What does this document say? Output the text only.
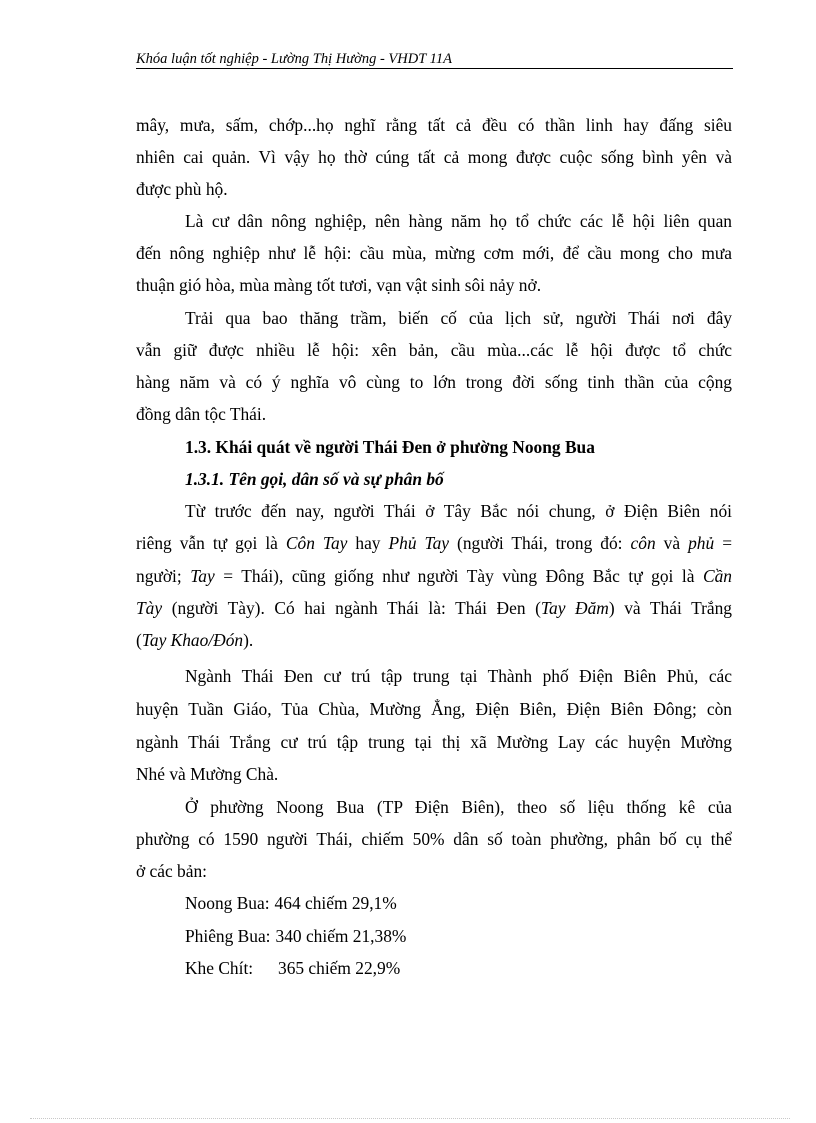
Khóa luận tốt nghiệp - Lường Thị Hường - VHDT 11A
mây, mưa, sấm, chớp...họ nghĩ rằng tất cả đều có thần linh hay đấng siêu
nhiên cai quản. Vì vậy họ thờ cúng tất cả mong được cuộc sống bình yên và
được phù hộ.
Là cư dân nông nghiệp, nên hàng năm họ tổ chức các lễ hội liên quan
đến nông nghiệp như lễ hội: cầu mùa, mừng cơm mới, để cầu mong cho mưa
thuận gió hòa, mùa màng tốt tươi, vạn vật sinh sôi nảy nở.
Trải qua bao thăng trầm, biến cố của lịch sử, người Thái nơi đây
vẫn giữ được nhiều lễ hội: xên bản, cầu mùa...các lễ hội được tổ chức
hàng năm và có ý nghĩa vô cùng to lớn trong đời sống tinh thần của cộng
đồng dân tộc Thái.
1.3. Khái quát về người Thái Đen ở phường Noong Bua
1.3.1. Tên gọi, dân số và sự phân bố
Từ trước đến nay, người Thái ở Tây Bắc nói chung, ở Điện Biên nói
riêng vẫn tự gọi là Côn Tay hay Phủ Tay (người Thái, trong đó: côn và phủ =
người; Tay = Thái), cũng giống như người Tày vùng Đông Bắc tự gọi là Cần
Tày (người Tày). Có hai ngành Thái là: Thái Đen (Tay Đăm) và Thái Trắng
(Tay Khao/Đón).
Ngành Thái Đen cư trú tập trung tại Thành phố Điện Biên Phủ, các
huyện Tuần Giáo, Tủa Chùa, Mường Ẳng, Điện Biên, Điện Biên Đông; còn
ngành Thái Trắng cư trú tập trung tại thị xã Mường Lay các huyện Mường
Nhé và Mường Chà.
Ở phường Noong Bua (TP Điện Biên), theo số liệu thống kê của
phường có 1590 người Thái, chiếm 50% dân số toàn phường, phân bố cụ thể
ở các bản:
Noong Bua: 464 chiếm 29,1%
Phiêng Bua: 340 chiếm 21,38%
Khe Chít: 365 chiếm 22,9%
